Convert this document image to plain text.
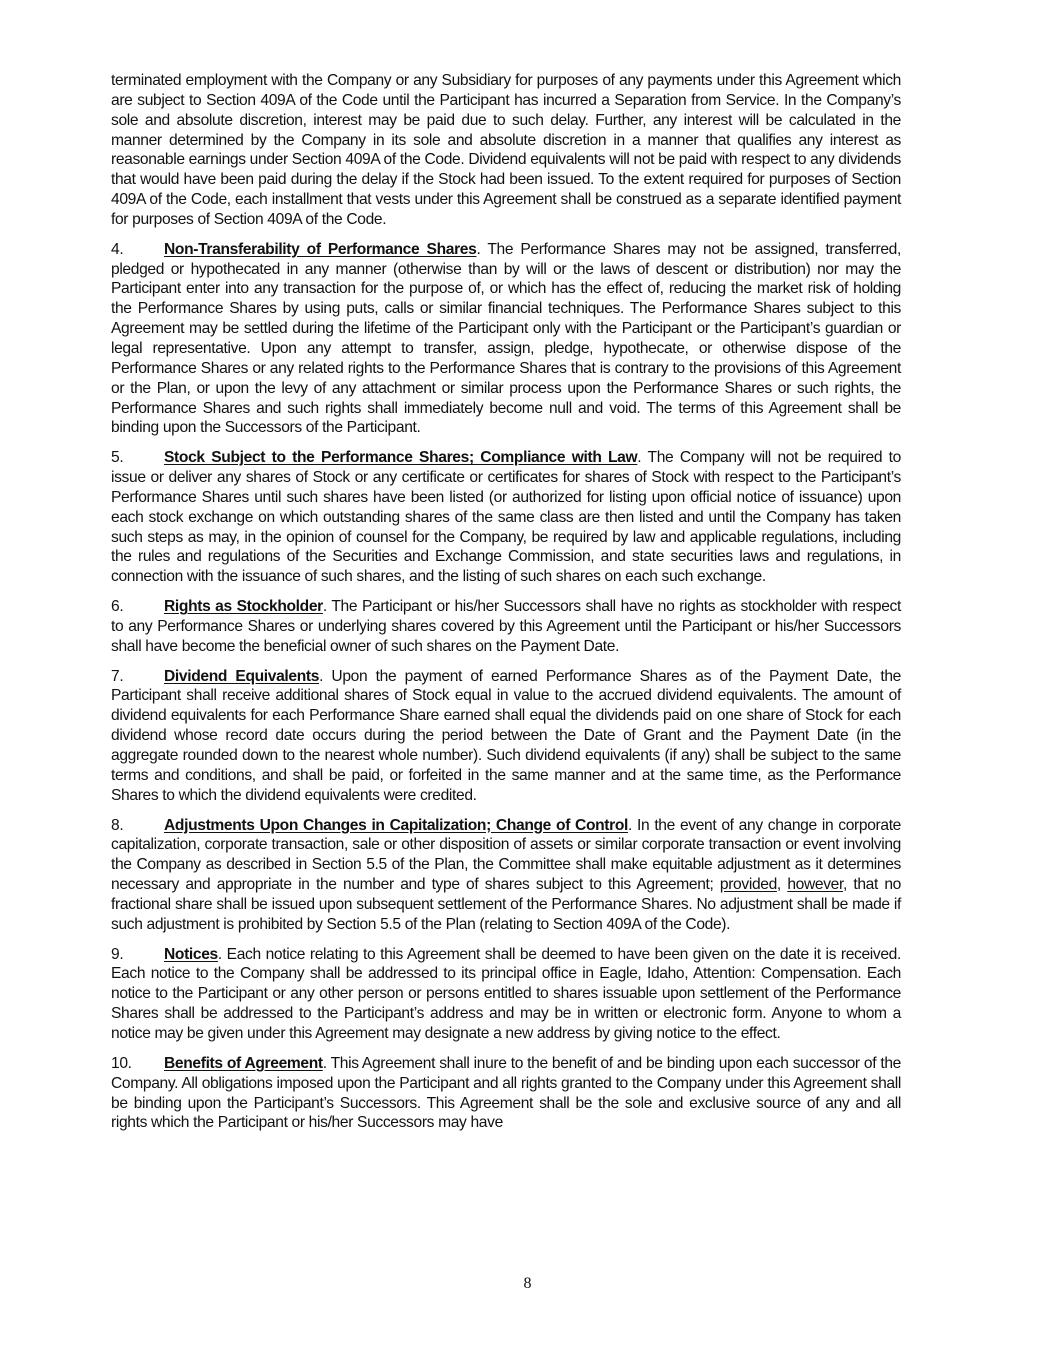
terminated employment with the Company or any Subsidiary for purposes of any payments under this Agreement which are subject to Section 409A of the Code until the Participant has incurred a Separation from Service. In the Company’s sole and absolute discretion, interest may be paid due to such delay. Further, any interest will be calculated in the manner determined by the Company in its sole and absolute discretion in a manner that qualifies any interest as reasonable earnings under Section 409A of the Code. Dividend equivalents will not be paid with respect to any dividends that would have been paid during the delay if the Stock had been issued. To the extent required for purposes of Section 409A of the Code, each installment that vests under this Agreement shall be construed as a separate identified payment for purposes of Section 409A of the Code.

4.	Non-Transferability of Performance Shares. The Performance Shares may not be assigned, transferred, pledged or hypothecated in any manner (otherwise than by will or the laws of descent or distribution) nor may the Participant enter into any transaction for the purpose of, or which has the effect of, reducing the market risk of holding the Performance Shares by using puts, calls or similar financial techniques. The Performance Shares subject to this Agreement may be settled during the lifetime of the Participant only with the Participant or the Participant’s guardian or legal representative. Upon any attempt to transfer, assign, pledge, hypothecate, or otherwise dispose of the Performance Shares or any related rights to the Performance Shares that is contrary to the provisions of this Agreement or the Plan, or upon the levy of any attachment or similar process upon the Performance Shares or such rights, the Performance Shares and such rights shall immediately become null and void. The terms of this Agreement shall be binding upon the Successors of the Participant.

5.	Stock Subject to the Performance Shares; Compliance with Law. The Company will not be required to issue or deliver any shares of Stock or any certificate or certificates for shares of Stock with respect to the Participant’s Performance Shares until such shares have been listed (or authorized for listing upon official notice of issuance) upon each stock exchange on which outstanding shares of the same class are then listed and until the Company has taken such steps as may, in the opinion of counsel for the Company, be required by law and applicable regulations, including the rules and regulations of the Securities and Exchange Commission, and state securities laws and regulations, in connection with the issuance of such shares, and the listing of such shares on each such exchange.

6.	Rights as Stockholder. The Participant or his/her Successors shall have no rights as stockholder with respect to any Performance Shares or underlying shares covered by this Agreement until the Participant or his/her Successors shall have become the beneficial owner of such shares on the Payment Date.

7.	Dividend Equivalents. Upon the payment of earned Performance Shares as of the Payment Date, the Participant shall receive additional shares of Stock equal in value to the accrued dividend equivalents. The amount of dividend equivalents for each Performance Share earned shall equal the dividends paid on one share of Stock for each dividend whose record date occurs during the period between the Date of Grant and the Payment Date (in the aggregate rounded down to the nearest whole number). Such dividend equivalents (if any) shall be subject to the same terms and conditions, and shall be paid, or forfeited in the same manner and at the same time, as the Performance Shares to which the dividend equivalents were credited.

8.	Adjustments Upon Changes in Capitalization; Change of Control. In the event of any change in corporate capitalization, corporate transaction, sale or other disposition of assets or similar corporate transaction or event involving the Company as described in Section 5.5 of the Plan, the Committee shall make equitable adjustment as it determines necessary and appropriate in the number and type of shares subject to this Agreement; provided, however, that no fractional share shall be issued upon subsequent settlement of the Performance Shares. No adjustment shall be made if such adjustment is prohibited by Section 5.5 of the Plan (relating to Section 409A of the Code).

9.	Notices. Each notice relating to this Agreement shall be deemed to have been given on the date it is received. Each notice to the Company shall be addressed to its principal office in Eagle, Idaho, Attention: Compensation. Each notice to the Participant or any other person or persons entitled to shares issuable upon settlement of the Performance Shares shall be addressed to the Participant’s address and may be in written or electronic form. Anyone to whom a notice may be given under this Agreement may designate a new address by giving notice to the effect.

10. Benefits of Agreement. This Agreement shall inure to the benefit of and be binding upon each successor of the Company. All obligations imposed upon the Participant and all rights granted to the Company under this Agreement shall be binding upon the Participant’s Successors. This Agreement shall be the sole and exclusive source of any and all rights which the Participant or his/her Successors may have

8
